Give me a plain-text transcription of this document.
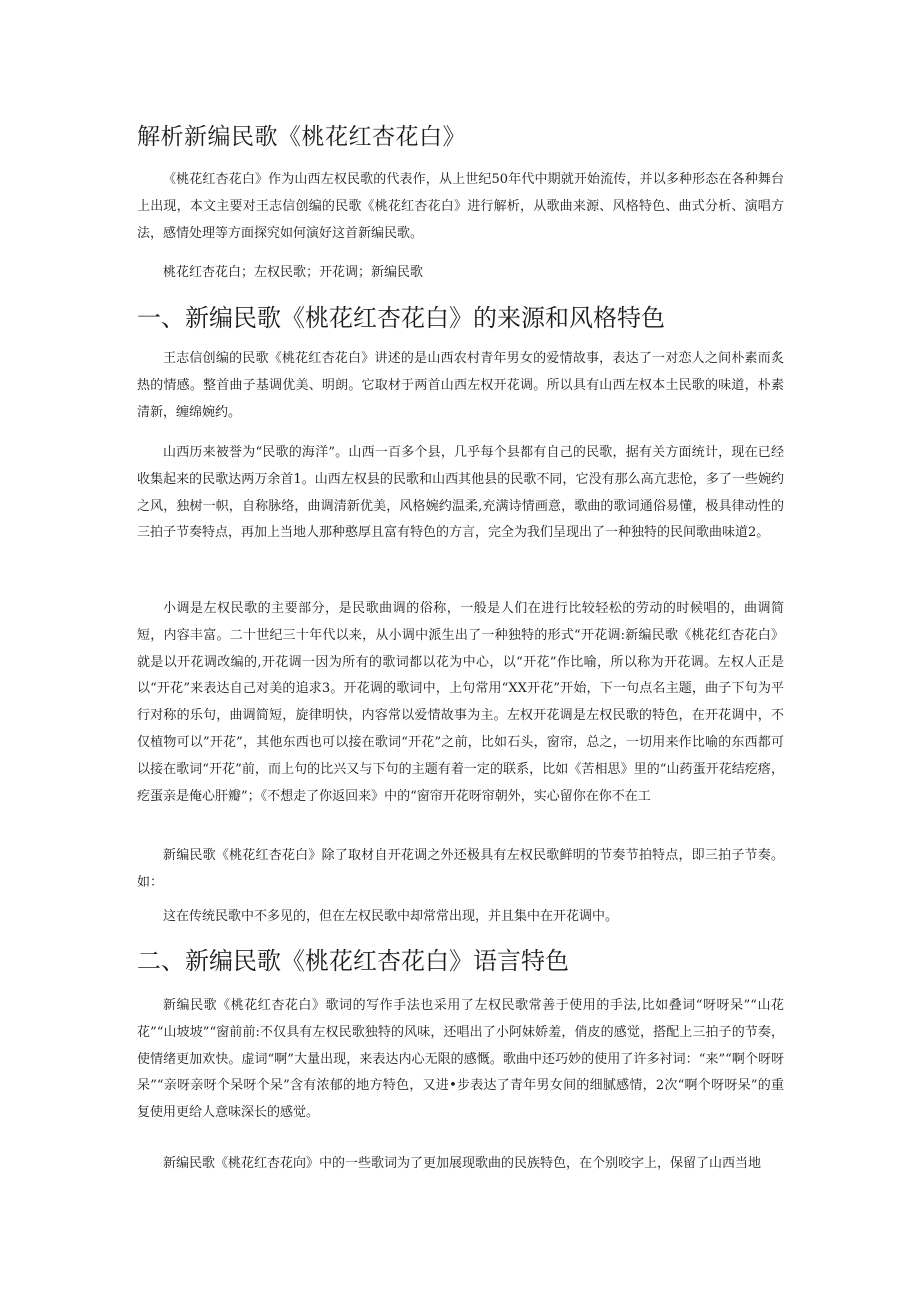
解析新编民歌《桃花红杏花白》

《桃花红杏花白》作为山西左权民歌的代表作，从上世纪50年代中期就开始流传，并以多种形态在各种舞台上出现，本文主要对王志信创编的民歌《桃花红杏花白》进行解析，从歌曲来源、风格特色、曲式分析、演唱方法，感情处理等方面探究如何演好这首新编民歌。

桃花红杏花白；左权民歌；开花调；新编民歌

一、新编民歌《桃花红杏花白》的来源和风格特色

王志信创编的民歌《桃花红杏花白》讲述的是山西农村青年男女的爱情故事，表达了一对恋人之间朴素而炙热的情感。整首曲子基调优美、明朗。它取材于两首山西左权开花调。所以具有山西左权本土民歌的味道，朴素清新，缠绵婉约。

山西历来被誉为“民歌的海洋”。山西一百多个县，几乎每个县都有自己的民歌，据有关方面统计，现在已经收集起来的民歌达两万余首1。山西左权县的民歌和山西其他县的民歌不同，它没有那么高亢悲怆，多了一些婉约之风，独树一帜，自称脉络，曲调清新优美，风格婉约温柔,充满诗情画意，歌曲的歌词通俗易懂，极具律动性的三拍子节奏特点，再加上当地人那种憨厚且富有特色的方言，完全为我们呈现出了一种独特的民间歌曲味道2。

小调是左权民歌的主要部分，是民歌曲调的俗称，一般是人们在进行比较轻松的劳动的时候唱的，曲调简短，内容丰富。二十世纪三十年代以来，从小调中派生出了一种独特的形式“开花调:新编民歌《桃花红杏花白》就是以开花调改编的,开花调一因为所有的歌词都以花为中心，以“开花”作比喻，所以称为开花调。左权人正是以“开花”来表达自己对美的追求3。开花调的歌词中，上句常用“XX开花”开始，下一句点名主题，曲子下句为平行对称的乐句，曲调简短，旋律明快，内容常以爱情故事为主。左权开花调是左权民歌的特色，在开花调中，不仅植物可以”开花”，其他东西也可以接在歌词“开花”之前，比如石头，窗帘，总之，一切用来作比喻的东西都可以接在歌词“开花”前，而上句的比兴又与下句的主题有着一定的联系，比如《苦相思》里的“山药蛋开花结疙瘩，疙蛋亲是俺心肝瓣”；《不想走了你返回来》中的“窗帘开花呀帘朝外，实心留你在你不在工

新编民歌《桃花红杏花白》除了取材自开花调之外还极具有左权民歌鲜明的节奏节拍特点，即三拍子节奏。如：

这在传统民歌中不多见的，但在左权民歌中却常常出现，并且集中在开花调中。

二、新编民歌《桃花红杏花白》语言特色

新编民歌《桃花红杏花白》歌词的写作手法也采用了左权民歌常善于使用的手法,比如叠词“呀呀呆”“山花花”“山坡坡”“窗前前:不仅具有左权民歌独特的风味，还唱出了小阿妹娇羞，俏皮的感觉，搭配上三拍子的节奏，使情绪更加欢快。虚词“啊”大量出现，来表达内心无限的感慨。歌曲中还巧妙的使用了许多衬词：“来”“啊个呀呀呆”“亲呀亲呀个呆呀个呆”含有浓郁的地方特色，又进•步表达了青年男女间的细腻感情，2次“啊个呀呀呆”的重复使用更给人意味深长的感觉。

新编民歌《桃花红杏花向》中的一些歌词为了更加展现歌曲的民族特色，在个别咬字上，保留了山西当地
